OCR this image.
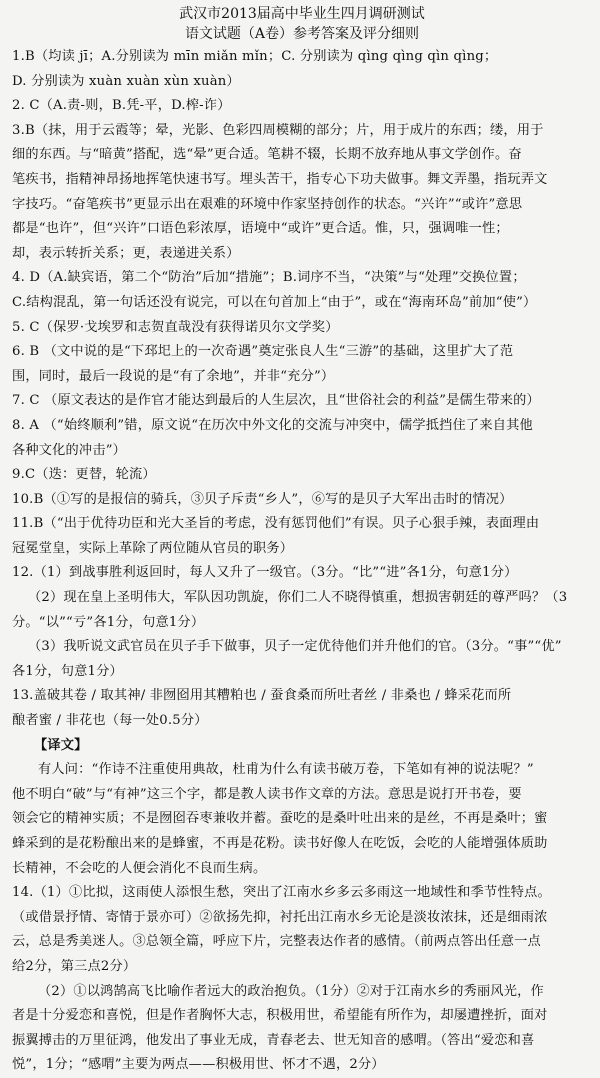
武汉市2013届高中毕业生四月调研测试
语文试题（A卷）参考答案及评分细则
1.B（均读 jī；A.分别读为 mīn miǎn mǐn；C. 分别读为 qìng qìng qìn qìng；
D. 分别读为 xuàn xuàn xùn xuàn）
2. C（A.责-则，B.凭-平，D.榨-诈）
3.B（抹，用于云霞等；晕，光影、色彩四周模糊的部分；片，用于成片的东西；缕，用于
细的东西。与“暗黄”搭配，选“晕”更合适。笔耕不辍，长期不放弃地从事文学创作。奋
笔疾书，指精神昂扬地挥笔快速书写。埋头苦干，指专心下功夫做事。舞文弄墨，指玩弄文
字技巧。“奋笔疾书”更显示出在艰难的环境中作家坚持创作的状态。“兴许”“或许”意思
都是“也许”，但“兴许”口语色彩浓厚，语境中“或许”更合适。惟，只，强调唯一性；
却，表示转折关系；更，表递进关系）
4. D（A.缺宾语，第二个“防治”后加“措施”；B.词序不当，“决策”与“处理”交换位置；
C.结构混乱，第一句话还没有说完，可以在句首加上“由于”，或在“海南环岛”前加“使”）
5. C（保罗·戈埃罗和志贺直哉没有获得诺贝尔文学奖）
6. B （文中说的是“下邳圯上的一次奇遇”奠定张良人生“三游”的基础，这里扩大了范
围，同时，最后一段说的是“有了余地”，并非“充分”）
7. C （原文表达的是作官才能达到最后的人生层次，且“世俗社会的利益”是儒生带来的）
8. A （“始终顺利”错，原文说“在历次中外文化的交流与冲突中，儒学抵挡住了来自其他
各种文化的冲击”）
9.C（迭：更替，轮流）
10.B（①写的是报信的骑兵，③贝子斥责“乡人”，⑥写的是贝子大军出击时的情况）
11.B（“出于优待功臣和光大圣旨的考虑，没有惩罚他们”有误。贝子心狠手辣，表面理由
冠冕堂皇，实际上革除了两位随从官员的职务）
12.（1）到战事胜利返回时，每人又升了一级官。（3分。“比”“进”各1分，句意1分）
（2）现在皇上圣明伟大，军队因功凯旋，你们二人不晓得慎重，想损害朝廷的尊严吗？（3
分。“以”“亏”各1分，句意1分）
（3）我听说文武官员在贝子手下做事，贝子一定优待他们并升他们的官。（3分。“事”“优”
各1分，句意1分）
13.盖破其卷 / 取其神/ 非囫囵用其糟粕也 / 蚕食桑而所吐者丝 / 非桑也 / 蜂采花而所
酿者蜜 / 非花也（每一处0.5分）
【译文】
有人问：“作诗不注重使用典故，杜甫为什么有读书破万卷，下笔如有神的说法呢？”
他不明白“破”与“有神”这三个字，都是教人读书作文章的方法。意思是说打开书卷，要
领会它的精神实质；不是囫囵吞枣兼收并蓄。蚕吃的是桑叶吐出来的是丝，不再是桑叶；蜜
蜂采到的是花粉酿出来的是蜂蜜，不再是花粉。读书好像人在吃饭，会吃的人能增强体质助
长精神，不会吃的人便会消化不良而生病。
14.（1）①比拟，这雨使人添恨生愁，突出了江南水乡多云多雨这一地域性和季节性特点。
（或借景抒情、寄情于景亦可）②欲扬先抑，衬托出江南水乡无论是淡妆浓抹，还是细雨浓
云，总是秀美迷人。③总领全篇，呼应下片，完整表达作者的感情。（前两点答出任意一点
给2分，第三点2分）
（2）①以鸿鹄高飞比喻作者远大的政治抱负。（1分）②对于江南水乡的秀丽风光，作
者是十分爱恋和喜悦，但是作者胸怀大志，积极用世，希望能有所作为，却屡遭挫折，面对
振翼搏击的万里征鸿，他发出了事业无成，青春老去、世无知音的感喟。（答出“爱恋和喜
悦”，1分；“感喟”主要为两点——积极用世、怀才不遇，2分）
